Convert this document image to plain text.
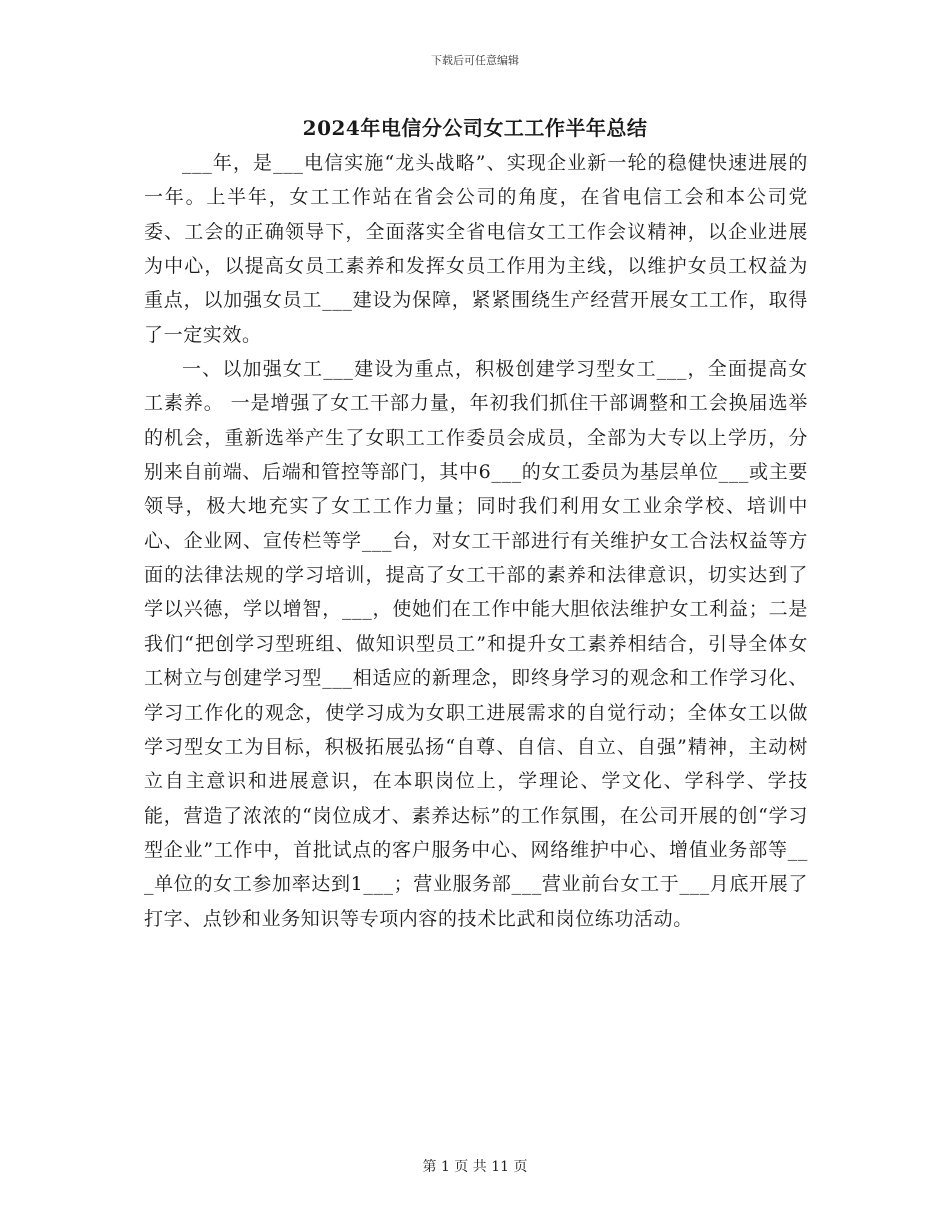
下载后可任意编辑
2024年电信分公司女工工作半年总结

___年，是___电信实施“龙头战略”、实现企业新一轮的稳健快速进展的一年。上半年，女工工作站在省会公司的角度，在省电信工会和本公司党委、工会的正确领导下，全面落实全省电信女工工作会议精神，以企业进展为中心，以提高女员工素养和发挥女员工作用为主线，以维护女员工权益为重点，以加强女员工___建设为保障，紧紧围绕生产经营开展女工工作，取得了一定实效。

一、以加强女工___建设为重点，积极创建学习型女工___，全面提高女工素养。 一是增强了女工干部力量，年初我们抓住干部调整和工会换届选举的机会，重新选举产生了女职工工作委员会成员，全部为大专以上学历，分别来自前端、后端和管控等部门，其中6___的女工委员为基层单位___或主要领导，极大地充实了女工工作力量；同时我们利用女工业余学校、培训中心、企业网、宣传栏等学___台，对女工干部进行有关维护女工合法权益等方面的法律法规的学习培训，提高了女工干部的素养和法律意识，切实达到了学以兴德，学以增智，___，使她们在工作中能大胆依法维护女工利益；二是我们“把创学习型班组、做知识型员工”和提升女工素养相结合，引导全体女工树立与创建学习型___相适应的新理念，即终身学习的观念和工作学习化、学习工作化的观念，使学习成为女职工进展需求的自觉行动；全体女工以做学习型女工为目标，积极拓展弘扬“自尊、自信、自立、自强”精神，主动树立自主意识和进展意识，在本职岗位上，学理论、学文化、学科学、学技能，营造了浓浓的“岗位成才、素养达标”的工作氛围，在公司开展的创“学习型企业”工作中，首批试点的客户服务中心、网络维护中心、增值业务部等___单位的女工参加率达到1___；营业服务部___营业前台女工于___月底开展了打字、点钞和业务知识等专项内容的技术比武和岗位练功活动。

第 1 页 共 11 页
